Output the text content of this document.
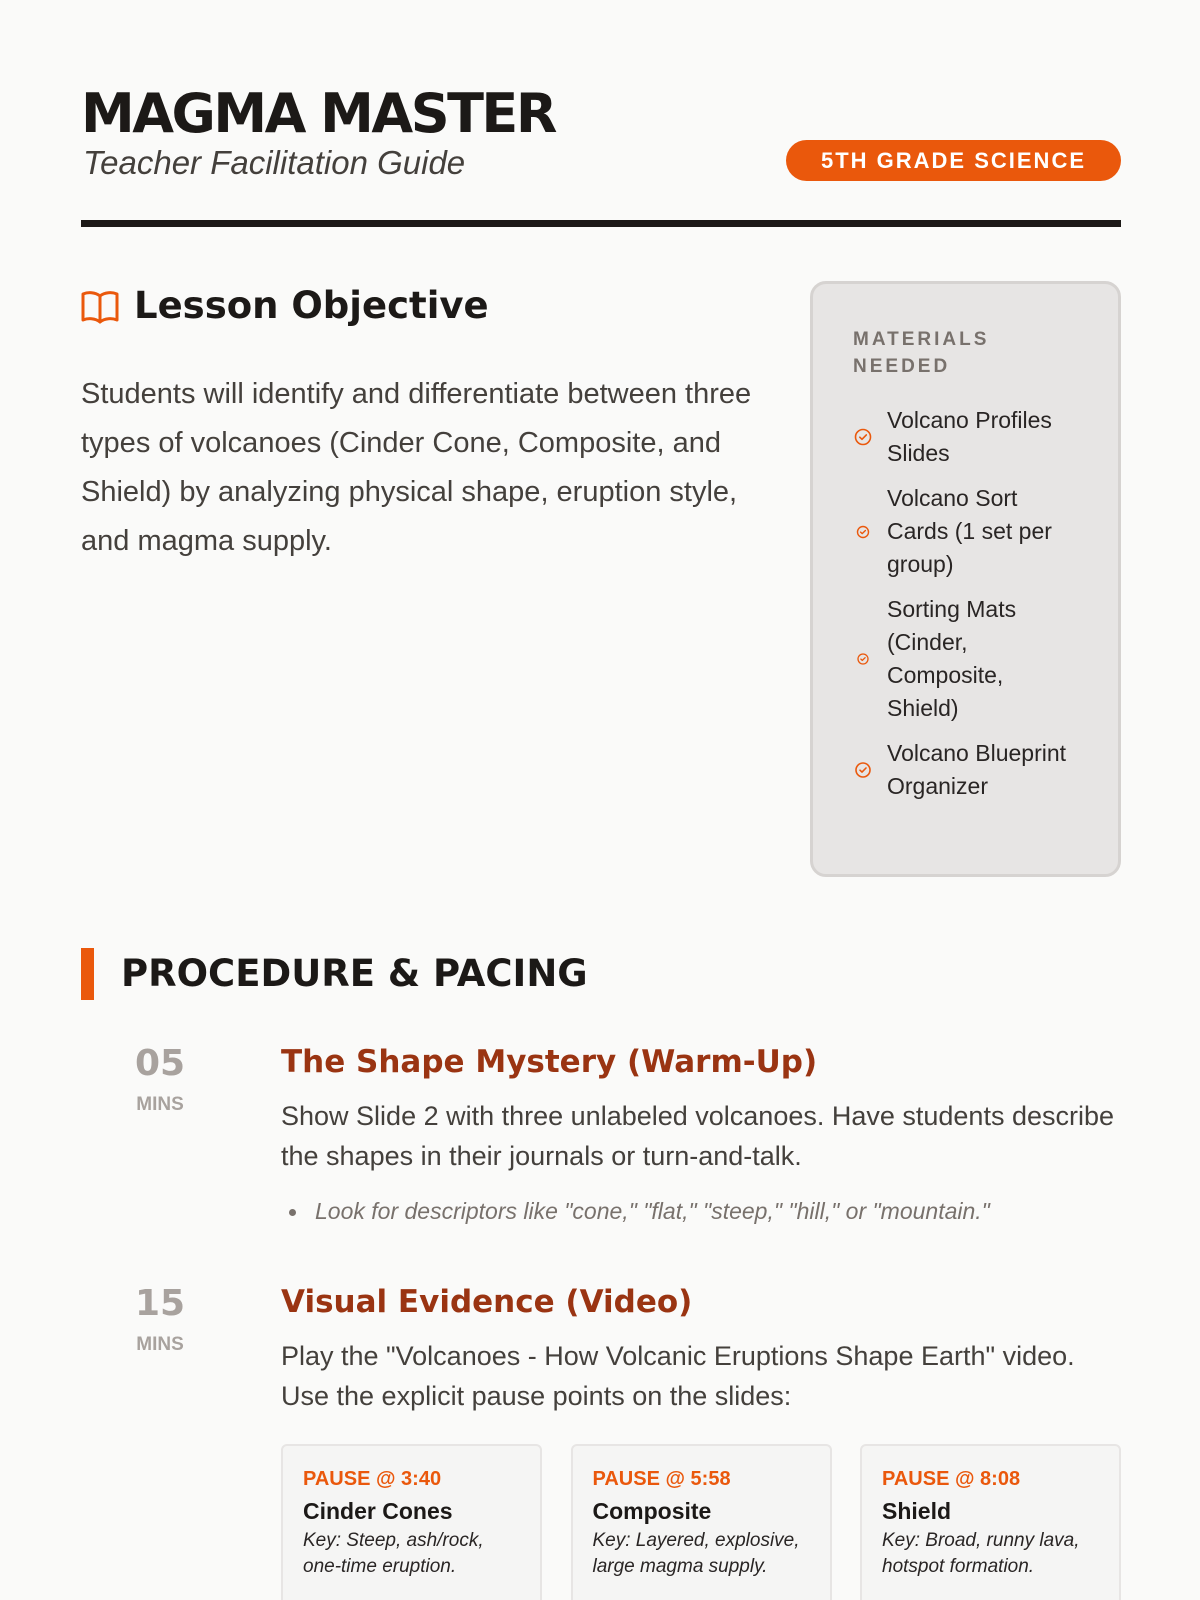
MAGMA MASTER

Teacher Facilitation Guide	5TH GRADE SCIENCE
Lesson Objective

Students will identify and differentiate between three types of volcanoes (Cinder Cone, Composite, and Shield) by analyzing physical shape, eruption style, and magma supply.

MATERIALS NEEDED

Volcano Profiles Slides
Volcano Sort Cards (1 set per group)
Sorting Mats (Cinder, Composite, Shield)
Volcano Blueprint Organizer
PROCEDURE & PACING
05
MINS
The Shape Mystery (Warm-Up)

Show Slide 2 with three unlabeled volcanoes. Have students describe the shapes in their journals or turn-and-talk.

Look for descriptors like "cone," "flat," "steep," "hill," or "mountain."

15
MINS
Visual Evidence (Video)

Play the "Volcanoes - How Volcanic Eruptions Shape Earth" video. Use the explicit pause points on the slides:

PAUSE @ 3:40

Cinder Cones

Key: Steep, ash/rock, one-time eruption.

PAUSE @ 5:58

Composite

Key: Layered, explosive, large magma supply.

PAUSE @ 8:08

Shield

Key: Broad, runny lava, hotspot formation.
